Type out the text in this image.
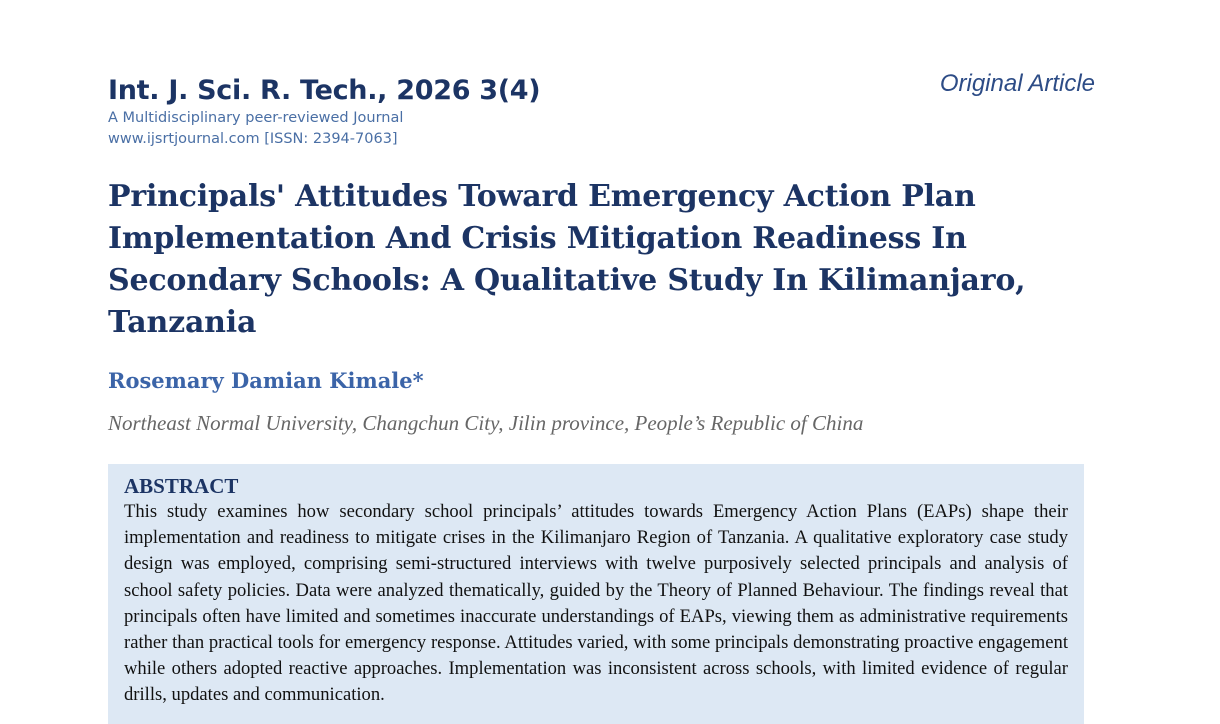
Int. J. Sci. R. Tech., 2026 3(4)
A Multidisciplinary peer-reviewed Journal
www.ijsrtjournal.com [ISSN: 2394-7063]
Original Article
Principals' Attitudes Toward Emergency Action Plan Implementation And Crisis Mitigation Readiness In Secondary Schools: A Qualitative Study In Kilimanjaro, Tanzania
Rosemary Damian Kimale*
Northeast Normal University, Changchun City, Jilin province, People’s Republic of China
ABSTRACT

This study examines how secondary school principals’ attitudes towards Emergency Action Plans (EAPs) shape their implementation and readiness to mitigate crises in the Kilimanjaro Region of Tanzania. A qualitative exploratory case study design was employed, comprising semi-structured interviews with twelve purposively selected principals and analysis of school safety policies. Data were analyzed thematically, guided by the Theory of Planned Behaviour. The findings reveal that principals often have limited and sometimes inaccurate understandings of EAPs, viewing them as administrative requirements rather than practical tools for emergency response. Attitudes varied, with some principals demonstrating proactive engagement while others adopted reactive approaches. Implementation was inconsistent across schools, with limited evidence of regular drills, updates and communication.
